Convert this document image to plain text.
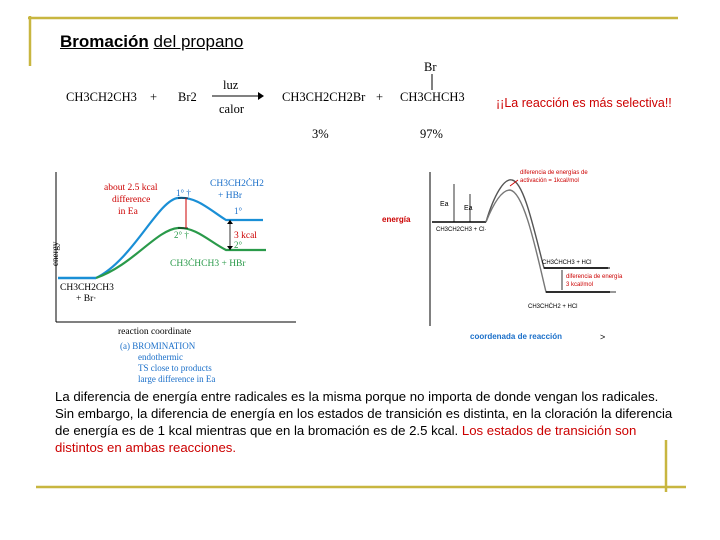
Bromación del propano
CH3CH2CH3 + Br2
luz
calor
CH3CH2CH2Br +
Br
CH3CHCH3
3%	97%
¡¡La reacción es más selectiva!!
energy
CH3CH2CH3
+ Br·
about 2.5 kcal
difference
in Ea
1° †
2° †
CH3CH2ĊH2
+ HBr
1°
3 kcal
2°
CH3ĊHCH3 + HBr
reaction coordinate
(a) BROMINATION
endothermic
TS close to products
large difference in Ea
energía
diferencia de energías de
activación = 1kcal/mol
Ea
Ea
CH3CH2CH3 + Cl·
CH3ĊHCH3 + HCl
diferencia de energía
3 kcal/mol
CH3CHĊH2 + HCl
coordenada de reacción	>
La diferencia de energía entre radicales es la misma porque no importa de donde vengan los radicales. Sin embargo, la diferencia de energía en los estados de transición es distinta, en la cloración la diferencia de energía es de 1 kcal mientras que en la bromación es de 2.5 kcal. Los estados de transición son distintos en ambas reacciones.
